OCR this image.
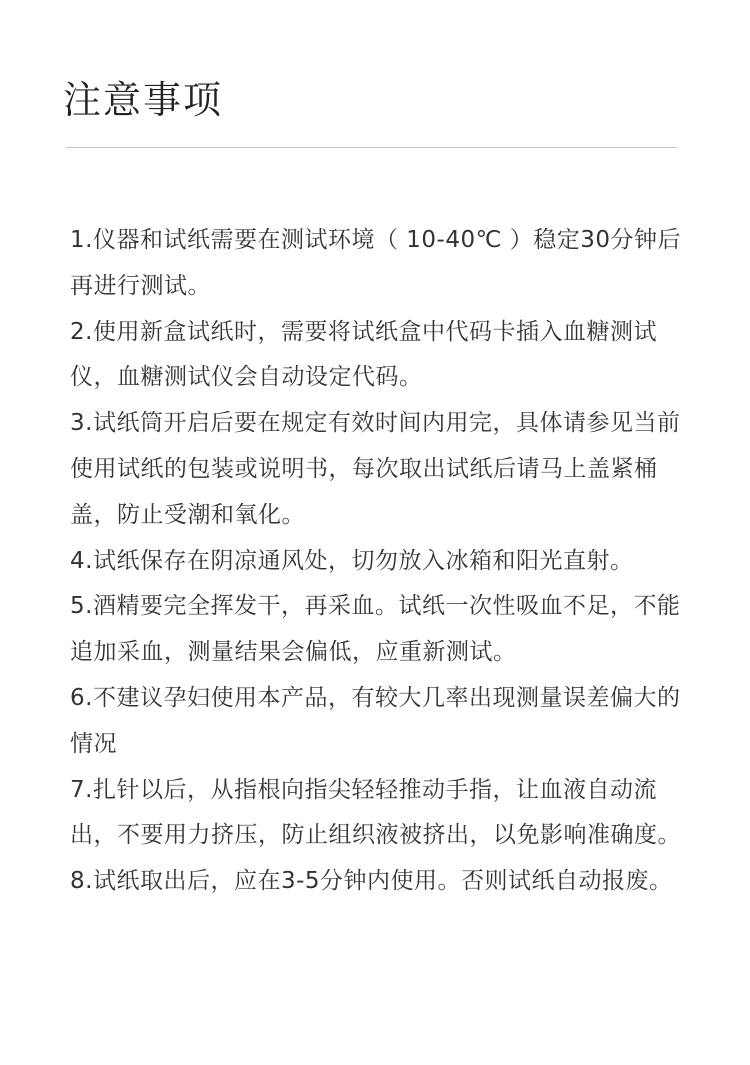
注意事项
1.仪器和试纸需要在测试环境（ 10-40℃ ）稳定30分钟后再进行测试。
2.使用新盒试纸时，需要将试纸盒中代码卡插入血糖测试仪，血糖测试仪会自动设定代码。
3.试纸筒开启后要在规定有效时间内用完，具体请参见当前使用试纸的包装或说明书，每次取出试纸后请马上盖紧桶盖，防止受潮和氧化。
4.试纸保存在阴凉通风处，切勿放入冰箱和阳光直射。
5.酒精要完全挥发干，再采血。试纸一次性吸血不足，不能追加采血，测量结果会偏低，应重新测试。
6.不建议孕妇使用本产品，有较大几率出现测量误差偏大的情况
7.扎针以后，从指根向指尖轻轻推动手指，让血液自动流出，不要用力挤压，防止组织液被挤出，以免影响准确度。
8.试纸取出后，应在3-5分钟内使用。否则试纸自动报废。
